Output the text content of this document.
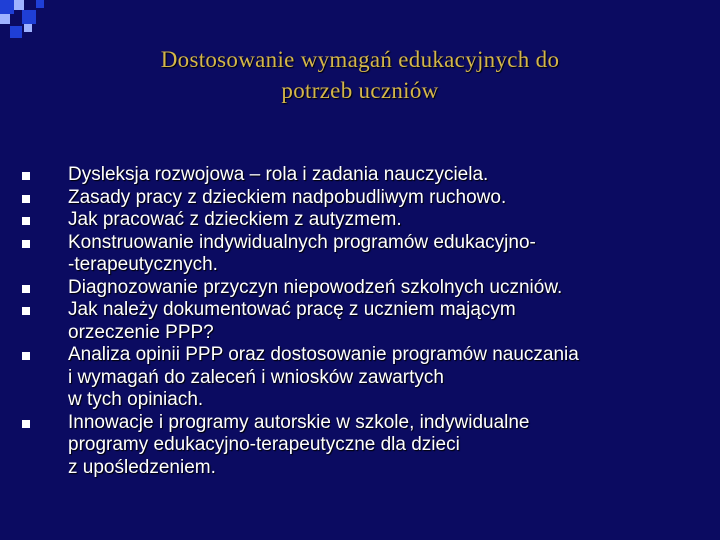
Dostosowanie wymagań edukacyjnych do
potrzeb uczniów
Dysleksja rozwojowa – rola i zadania nauczyciela.
Zasady pracy z dzieckiem nadpobudliwym ruchowo.
Jak pracować z dzieckiem z autyzmem.
Konstruowanie indywidualnych programów edukacyjno-
-terapeutycznych.
Diagnozowanie przyczyn niepowodzeń szkolnych uczniów.
Jak należy dokumentować pracę z uczniem mającym
orzeczenie PPP?
Analiza opinii PPP oraz dostosowanie programów nauczania
i wymagań do zaleceń i wniosków zawartych
w tych opiniach.
Innowacje i programy autorskie w szkole, indywidualne
programy edukacyjno-terapeutyczne dla dzieci
z upośledzeniem.
